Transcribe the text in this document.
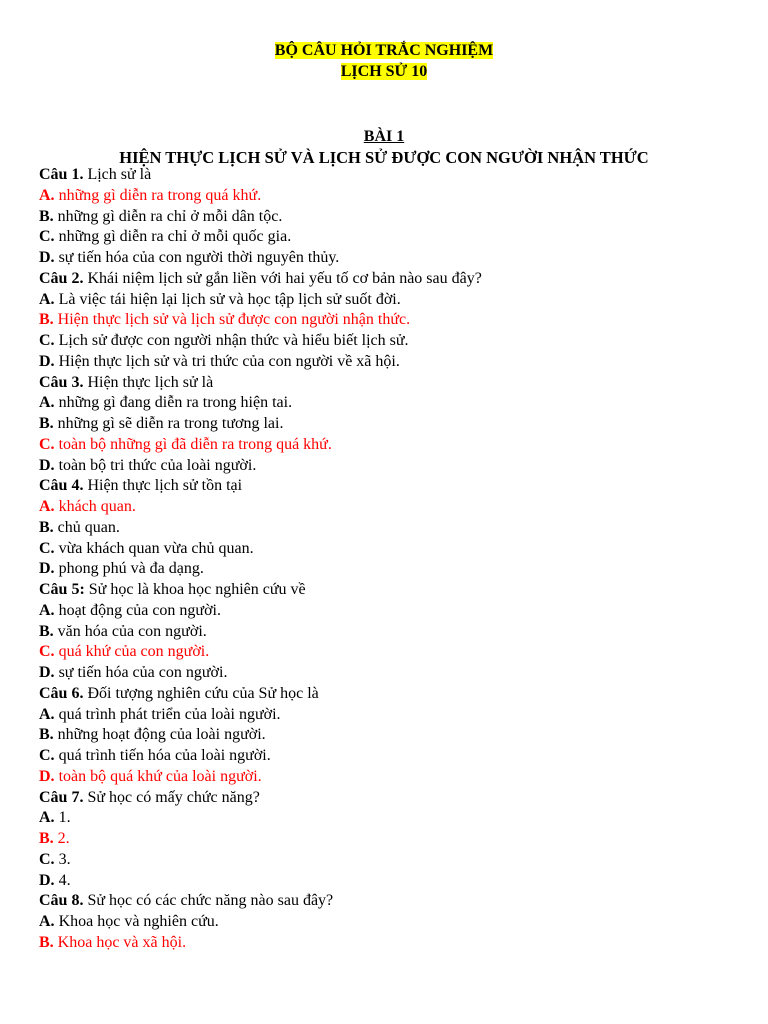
BỘ CÂU HỎI TRẮC NGHIỆM
LỊCH SỬ 10
BÀI 1
HIỆN THỰC LỊCH SỬ VÀ LỊCH SỬ ĐƯỢC CON NGƯỜI NHẬN THỨC
Câu 1. Lịch sử là
A. những gì diễn ra trong quá khứ.
B. những gì diễn ra chỉ ở mỗi dân tộc.
C. những gì diễn ra chỉ ở mỗi quốc gia.
D. sự tiến hóa của con người thời nguyên thủy.
Câu 2. Khái niệm lịch sử gắn liền với hai yếu tố cơ bản nào sau đây?
A. Là việc tái hiện lại lịch sử và học tập lịch sử suốt đời.
B. Hiện thực lịch sử và lịch sử được con người nhận thức.
C. Lịch sử được con người nhận thức và hiểu biết lịch sử.
D. Hiện thực lịch sử và tri thức của con người về xã hội.
Câu 3. Hiện thực lịch sử là
A. những gì đang diễn ra trong hiện tai.
B. những gì sẽ diễn ra trong tương lai.
C. toàn bộ những gì đã diễn ra trong quá khứ.
D. toàn bộ tri thức của loài người.
Câu 4. Hiện thực lịch sử tồn tại
A. khách quan.
B. chủ quan.
C. vừa khách quan vừa chủ quan.
D. phong phú và đa dạng.
Câu 5: Sử học là khoa học nghiên cứu về
A. hoạt động của con người.
B. văn hóa của con người.
C. quá khứ của con người.
D. sự tiến hóa của con người.
Câu 6. Đối tượng nghiên cứu của Sử học là
A. quá trình phát triển của loài người.
B. những hoạt động của loài người.
C. quá trình tiến hóa của loài người.
D. toàn bộ quá khứ của loài người.
Câu 7. Sử học có mấy chức năng?
A. 1.
B. 2.
C. 3.
D. 4.
Câu 8. Sử học có các chức năng nào sau đây?
A. Khoa học và nghiên cứu.
B. Khoa học và xã hội.
